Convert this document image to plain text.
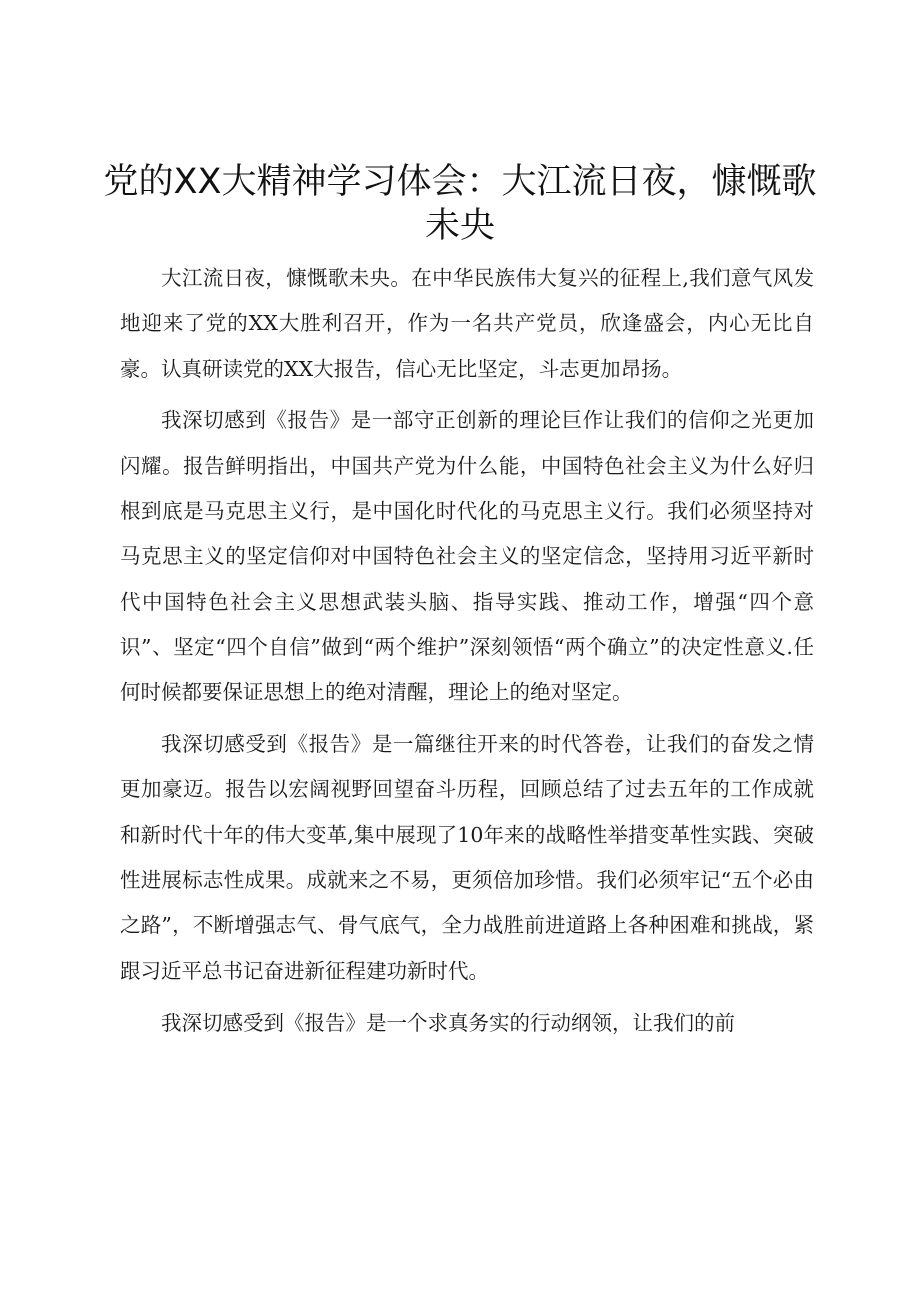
党的XX大精神学习体会：大江流日夜，慷慨歌未央

大江流日夜，慷慨歌未央。在中华民族伟大复兴的征程上,我们意气风发地迎来了党的XX大胜利召开，作为一名共产党员，欣逢盛会，内心无比自豪。认真研读党的XX大报告，信心无比坚定，斗志更加昂扬。

我深切感到《报告》是一部守正创新的理论巨作让我们的信仰之光更加闪耀。报告鲜明指出，中国共产党为什么能，中国特色社会主义为什么好归根到底是马克思主义行，是中国化时代化的马克思主义行。我们必须坚持对马克思主义的坚定信仰对中国特色社会主义的坚定信念，坚持用习近平新时代中国特色社会主义思想武装头脑、指导实践、推动工作，增强“四个意识”、坚定“四个自信”做到“两个维护”深刻领悟“两个确立”的决定性意义.任何时候都要保证思想上的绝对清醒，理论上的绝对坚定。

我深切感受到《报告》是一篇继往开来的时代答卷，让我们的奋发之情更加豪迈。报告以宏阔视野回望奋斗历程，回顾总结了过去五年的工作成就和新时代十年的伟大变革,集中展现了10年来的战略性举措变革性实践、突破性进展标志性成果。成就来之不易，更须倍加珍惜。我们必须牢记“五个必由之路”，不断增强志气、骨气底气，全力战胜前进道路上各种困难和挑战，紧跟习近平总书记奋进新征程建功新时代。

我深切感受到《报告》是一个求真务实的行动纲领，让我们的前
